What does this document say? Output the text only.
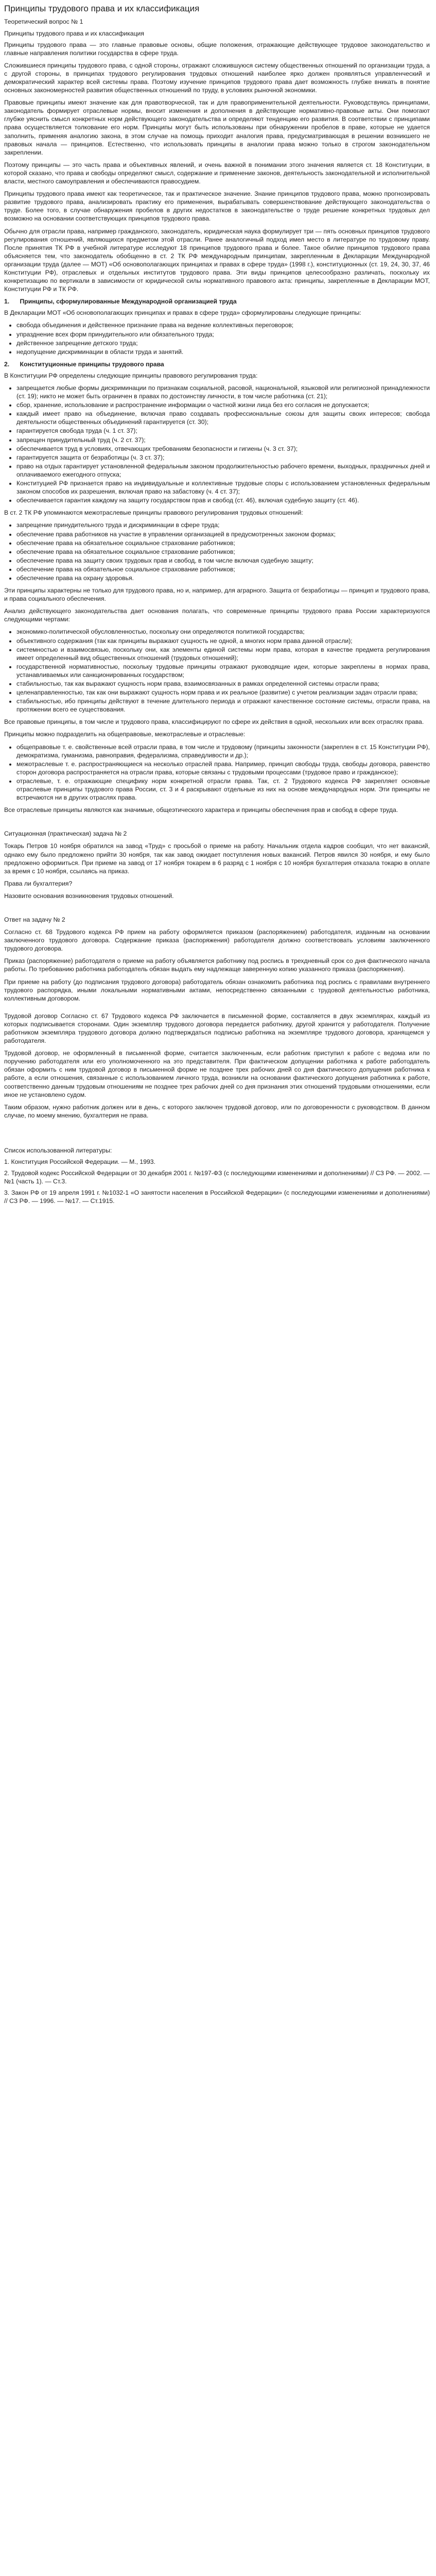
Принципы трудового права и их классификация
Теоретический вопрос № 1
Принципы трудового права и их классификация

Принципы трудового права — это главные правовые основы, общие положения, отражающие действующее трудовое законодательство и главные направления политики государства в сфере труда.

Сложившиеся принципы трудового права, с одной стороны, отражают сложившуюся систему общественных отношений по организации труда, а с другой стороны, в принципах трудового регулирования трудовых отношений наиболее ярко должен проявляться управленческий и демократический характер всей системы права. Поэтому изучение принципов трудового права дает возможность глубже вникать в понятие основных закономерностей развития общественных отношений по труду, в условиях рыночной экономики.

Правовые принципы имеют значение как для правотворческой, так и для правоприменительной деятельности. Руководствуясь принципами, законодатель формирует отраслевые нормы, вносит изменения и дополнения в действующие нормативно-правовые акты. Они помогают глубже уяснить смысл конкретных норм действующего законодательства и определяют тенденцию его развития. В соответствии с принципами права осуществляется толкование его норм. Принципы могут быть использованы при обнаружении пробелов в праве, которые не удается заполнить, применяя аналогию закона, в этом случае на помощь приходит аналогия права, предусматривающая в решении возникшего не правовых начала — принципов. Естественно, что использовать принципы в аналогии права можно только в строгом законодательном закреплении.

Поэтому принципы — это часть права и объективных явлений, и очень важной в понимании этого значения является ст. 18 Конституции, в которой сказано, что права и свободы определяют смысл, содержание и применение законов, деятельность законодательной и исполнительной власти, местного самоуправления и обеспечиваются правосудием.

Принципы трудового права имеют как теоретическое, так и практическое значение. Знание принципов трудового права, можно прогнозировать развитие трудового права, анализировать практику его применения, вырабатывать совершенствование действующего законодательства о труде. Более того, в случае обнаружения пробелов в других недостатков в законодательстве о труде решение конкретных трудовых дел возможно на основании соответствующих принципов трудового права.

Обычно для отрасли права, например гражданского, законодатель, юридическая наука формулирует три — пять основных принципов трудового регулирования отношений, являющихся предметом этой отрасли. Ранее аналогичный подход имел место в литературе по трудовому праву. После принятия ТК РФ в учебной литературе исследуют 18 принципов трудового права и более. Такое обилие принципов трудового права объясняется тем, что законодатель обобщенно в ст. 2 ТК РФ международным принципам, закрепленным в Декларации Международной организации труда (далее — МОТ) «Об основополагающих принципах и правах в сфере труда» (1998 г.), конституционных (ст. 19, 24, 30, 37, 46 Конституции РФ), отраслевых и отдельных институтов трудового права. Эти виды принципов целесообразно различать, поскольку их конкретизацию по вертикали в зависимости от юридической силы нормативного правового акта: принципы, закрепленные в Декларации МОТ, Конституции РФ и ТК РФ.

1. Принципы, сформулированные Международной организацией труда

В Декларации МОТ «Об основополагающих принципах и правах в сфере труда» сформулированы следующие принципы:

• свобода объединения и действенное признание права на ведение коллективных переговоров;
• упразднение всех форм принудительного или обязательного труда;
• действенное запрещение детского труда;
• недопущение дискриминации в области труда и занятий.
2. Конституционные принципы трудового права

В Конституции РФ определены следующие принципы правового регулирования труда:

• запрещается любые формы дискриминации по признакам социальной, расовой, национальной, языковой или религиозной принадлежности (ст. 19); никто не может быть ограничен в правах по достоинству личности, в том числе работника (ст. 21);
• сбор, хранение, использование и распространение информации о частной жизни лица без его согласия не допускается;
• каждый имеет право на объединение, включая право создавать профессиональные союзы для защиты своих интересов; свобода деятельности общественных объединений гарантируется (ст. 30);
• гарантируется свобода труда (ч. 1 ст. 37);
• запрещен принудительный труд (ч. 2 ст. 37);
• обеспечивается труд в условиях, отвечающих требованиям безопасности и гигиены (ч. 3 ст. 37);
• гарантируется защита от безработицы (ч. 3 ст. 37);
• право на отдых гарантирует установленной федеральным законом продолжительностью рабочего времени, выходных, праздничных дней и оплачиваемого ежегодного отпуска;
• Конституцией РФ признается право на индивидуальные и коллективные трудовые споры с использованием установленных федеральным законом способов их разрешения, включая право на забастовку (ч. 4 ст. 37);
• обеспечивается гарантия каждому на защиту государством прав и свобод (ст. 46), включая судебную защиту (ст. 46).

В ст. 2 ТК РФ упоминаются межотраслевые принципы правового регулирования трудовых отношений:

• запрещение принудительного труда и дискриминации в сфере труда;
• обеспечение права работников на участие в управлении организацией в предусмотренных законом формах;
• обеспечение права на обязательное социальное страхование работников;
• обеспечение права на обязательное социальное страхование работников;
• обеспечение права на защиту своих трудовых прав и свобод, в том числе включая судебную защиту;
• обеспечение права на обязательное социальное страхование работников;
• обеспечение права на охрану здоровья.

Эти принципы характерны не только для трудового права, но и, например, для аграрного. Защита от безработицы — принцип и трудового права, и права социального обеспечения.

Анализ действующего законодательства дает основания полагать, что современные принципы трудового права России характеризуются следующими чертами:

• экономико-политической обусловленностью, поскольку они определяются политикой государства;
• объективного содержания (так как принципы выражают сущность не одной, а многих норм права данной отрасли);
• системностью и взаимосвязью, поскольку они, как элементы единой системы норм права, которая в качестве предмета регулирования имеет определенный вид общественных отношений (трудовых отношений);
• государственной нормативностью, поскольку трудовые принципы отражают руководящие идеи, которые закреплены в нормах права, устанавливаемых или санкционированных государством;
• стабильностью, так как выражают сущность норм права, взаимосвязанных в рамках определенной системы отрасли права;
• целенаправленностью, так как они выражают сущность норм права и их реальное (развитие) с учетом реализации задач отрасли права;
• стабильностью, ибо принципы действуют в течение длительного периода и отражают качественное состояние системы, отрасли права, на протяжении всего ее существования.

Все правовые принципы, в том числе и трудового права, классифицируют по сфере их действия в одной, нескольких или всех отраслях права.

Принципы можно подразделить на общеправовые, межотраслевые и отраслевые:

• общеправовые т. е. свойственные всей отрасли права, в том числе и трудовому (принципы законности (закреплен в ст. 15 Конституции РФ), демократизма, гуманизма, равноправия, федерализма, справедливости и др.);
• межотраслевые т. е. распространяющиеся на несколько отраслей права. Например, принцип свободы труда, свободы договора, равенство сторон договора распространяется на отрасли права, которые связаны с трудовыми процессами (трудовое право и гражданское);
• отраслевые, т. е. отражающие специфику норм конкретной отрасли права. Так, ст. 2 Трудового кодекса РФ закрепляет основные отраслевые принципы трудового права России, ст. 3 и 4 раскрывают отдельные из них на основе международных норм. Эти принципы не встречаются ни в других отраслях права.

Все отраслевые принципы являются как значимые, общеэтического характера и принципы обеспечения прав и свобод в сфере труда.

Ситуационная (практическая) задача № 2

Токарь Петров 10 ноября обратился на завод «Труд» с просьбой о приеме на работу. Начальник отдела кадров сообщил, что нет вакансий, однако ему было предложено прийти 30 ноября, так как завод ожидает поступления новых вакансий. Петров явился 30 ноября, и ему было предложено оформиться. При приеме на завод от 17 ноября токарем в 6 разряд с 1 ноября с 10 ноября бухгалтерия отказала токарю в оплате за время с 10 ноября, ссылаясь на приказ.

Права ли бухгалтерия?

Назовите основания возникновения трудовых отношений.

Ответ на задачу № 2

Согласно ст. 68 Трудового кодекса РФ прием на работу оформляется приказом (распоряжением) работодателя, изданным на основании заключенного трудового договора. Содержание приказа (распоряжения) работодателя должно соответствовать условиям заключенного трудового договора.

Приказ (распоряжение) работодателя о приеме на работу объявляется работнику под роспись в трехдневный срок со дня фактического начала работы. По требованию работника работодатель обязан выдать ему надлежаще заверенную копию указанного приказа (распоряжения).

При приеме на работу (до подписания трудового договора) работодатель обязан ознакомить работника под роспись с правилами внутреннего трудового распорядка, иными локальными нормативными актами, непосредственно связанными с трудовой деятельностью работника, коллективным договором.

Трудовой договор Согласно ст. 67 Трудового кодекса РФ заключается в письменной форме, составляется в двух экземплярах, каждый из которых подписывается сторонами. Один экземпляр трудового договора передается работнику, другой хранится у работодателя. Получение работником экземпляра трудового договора должно подтверждаться подписью работника на экземпляре трудового договора, хранящемся у работодателя.

Трудовой договор, не оформленный в письменной форме, считается заключенным, если работник приступил к работе с ведома или по поручению работодателя или его уполномоченного на это представителя. При фактическом допущении работника к работе работодатель обязан оформить с ним трудовой договор в письменной форме не позднее трех рабочих дней со дня фактического допущения работника к работе, а если отношения, связанные с использованием личного труда, возникли на основании фактического допущения работника к работе, соответственно данным трудовым отношениям не позднее трех рабочих дней со дня признания этих отношений трудовыми отношениями, если иное не установлено судом.

Таким образом, нужно работник должен или в день, с которого заключен трудовой договор, или по договоренности с руководством. В данном случае, по моему мнению, бухгалтерия не права.

Список использованной литературы:

1. Конституция Российской Федерации. — М., 1993.

2. Трудовой кодекс Российской Федерации от 30 декабря 2001 г. №197-ФЗ (с последующими изменениями и дополнениями) // СЗ РФ. — 2002. — №1 (часть 1). — Ст.3.

3. Закон РФ от 19 апреля 1991 г. №1032-1 «О занятости населения в Российской Федерации» (с последующими изменениями и дополнениями) // СЗ РФ. — 1996. — №17. — Ст.1915.
